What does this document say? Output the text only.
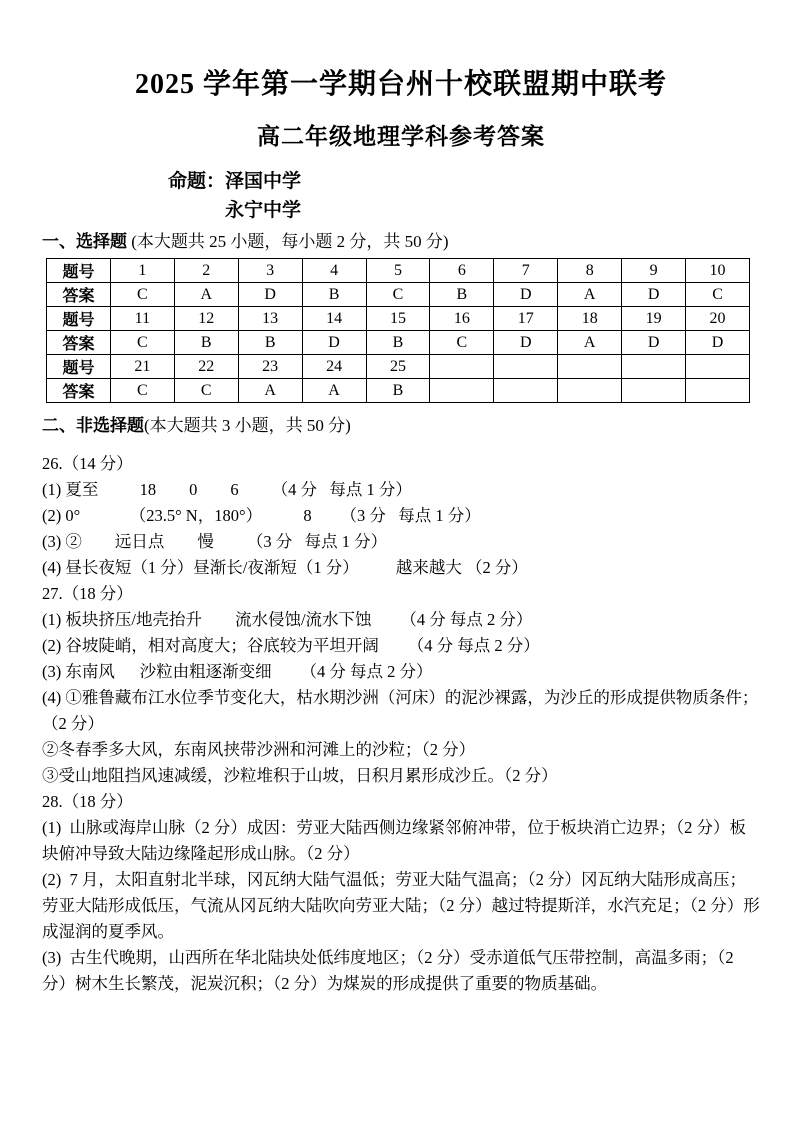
2025 学年第一学期台州十校联盟期中联考
高二年级地理学科参考答案

命题：泽国中学

永宁中学

一、选择题 (本大题共 25 小题，每小题 2 分，共 50 分)

题号	1	2	3	4	5	6	7	8	9	10
答案	C	A	D	B	C	B	D	A	D	C
题号	11	12	13	14	15	16	17	18	19	20
答案	C	B	B	D	B	C	D	A	D	D
题号	21	22	23	24	25					
答案	C	C	A	A	B					

二、非选择题(本大题共 3 小题，共 50 分)

26.（14 分）

(1) 夏至          18        0        6        （4 分   每点 1 分）

(2) 0°            （23.5° N，180°）          8       （3 分   每点 1 分）

(3) ②        远日点        慢        （3 分   每点 1 分）

(4) 昼长夜短（1 分）昼渐长/夜渐短（1 分）         越来越大 （2 分）

27.（18 分）

(1) 板块挤压/地壳抬升        流水侵蚀/流水下蚀       （4 分 每点 2 分）

(2) 谷坡陡峭，相对高度大；谷底较为平坦开阔       （4 分 每点 2 分）

(3) 东南风      沙粒由粗逐渐变细       （4 分 每点 2 分）

(4) ①雅鲁藏布江水位季节变化大，枯水期沙洲（河床）的泥沙裸露，为沙丘的形成提供物质条件；（2 分）

②冬春季多大风，东南风挟带沙洲和河滩上的沙粒；（2 分）

③受山地阻挡风速减缓，沙粒堆积于山坡，日积月累形成沙丘。（2 分）

28.（18 分）

(1)  山脉或海岸山脉（2 分）成因：劳亚大陆西侧边缘紧邻俯冲带，位于板块消亡边界；（2 分）板块俯冲导致大陆边缘隆起形成山脉。（2 分）

(2)  7 月，太阳直射北半球，冈瓦纳大陆气温低；劳亚大陆气温高；（2 分）冈瓦纳大陆形成高压；劳亚大陆形成低压，气流从冈瓦纳大陆吹向劳亚大陆；（2 分）越过特提斯洋，水汽充足；（2 分）形成湿润的夏季风。

(3)  古生代晚期，山西所在华北陆块处低纬度地区；（2 分）受赤道低气压带控制，高温多雨；（2 分）树木生长繁茂，泥炭沉积；（2 分）为煤炭的形成提供了重要的物质基础。
